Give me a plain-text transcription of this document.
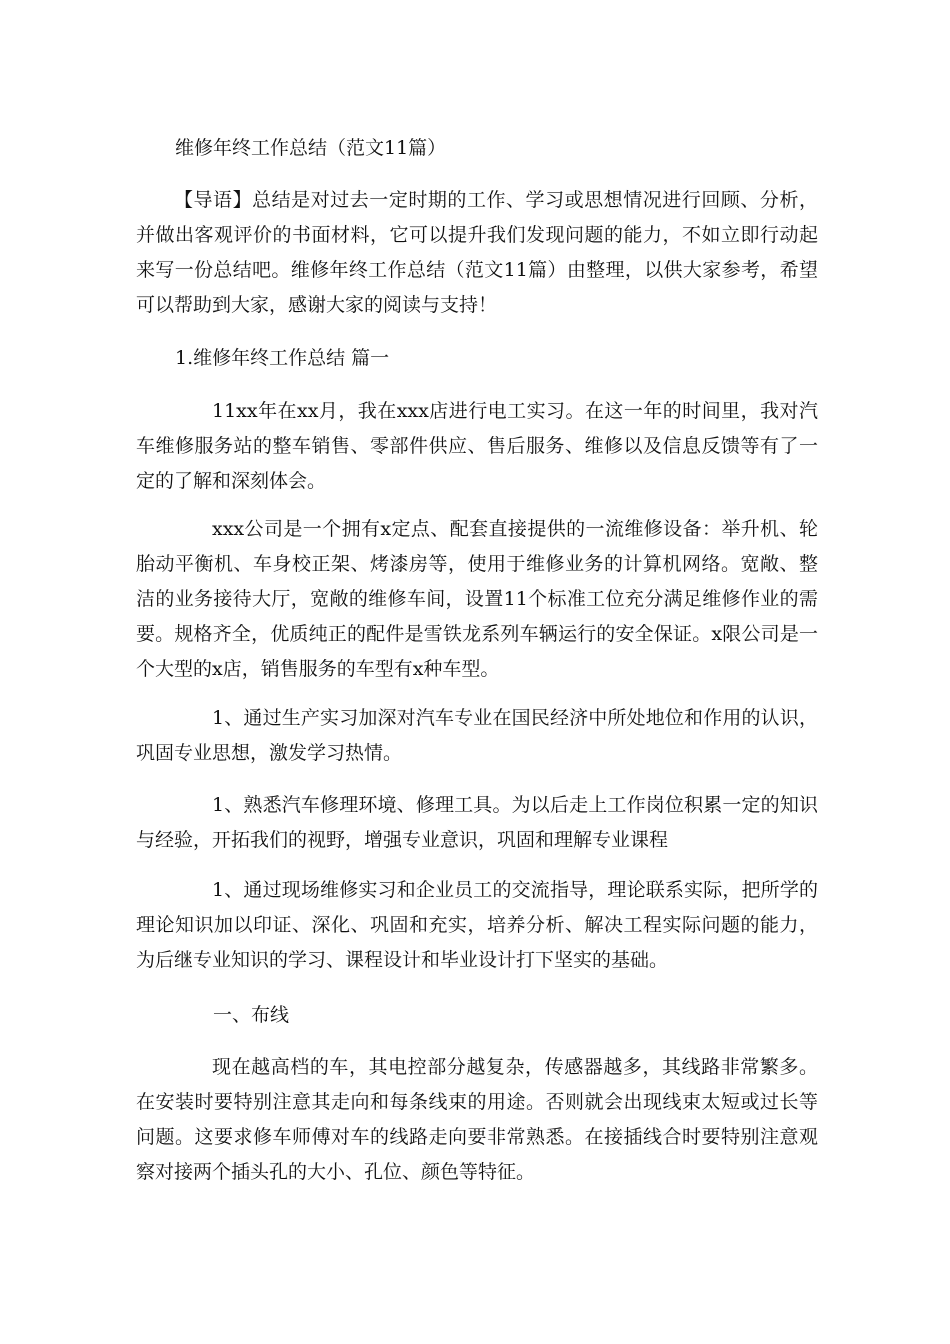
维修年终工作总结（范文11篇）

【导语】总结是对过去一定时期的工作、学习或思想情况进行回顾、分析，并做出客观评价的书面材料，它可以提升我们发现问题的能力，不如立即行动起来写一份总结吧。维修年终工作总结（范文11篇）由整理，以供大家参考，希望可以帮助到大家，感谢大家的阅读与支持！

1.维修年终工作总结 篇一

11xx年在xx月，我在xxx店进行电工实习。在这一年的时间里，我对汽车维修服务站的整车销售、零部件供应、售后服务、维修以及信息反馈等有了一定的了解和深刻体会。

xxx公司是一个拥有x定点、配套直接提供的一流维修设备：举升机、轮胎动平衡机、车身校正架、烤漆房等，使用于维修业务的计算机网络。宽敞、整洁的业务接待大厅，宽敞的维修车间，设置11个标准工位充分满足维修作业的需要。规格齐全，优质纯正的配件是雪铁龙系列车辆运行的安全保证。x限公司是一个大型的x店，销售服务的车型有x种车型。

1、通过生产实习加深对汽车专业在国民经济中所处地位和作用的认识，巩固专业思想，激发学习热情。

1、熟悉汽车修理环境、修理工具。为以后走上工作岗位积累一定的知识与经验，开拓我们的视野，增强专业意识，巩固和理解专业课程

1、通过现场维修实习和企业员工的交流指导，理论联系实际，把所学的理论知识加以印证、深化、巩固和充实，培养分析、解决工程实际问题的能力，为后继专业知识的学习、课程设计和毕业设计打下坚实的基础。

一、布线

现在越高档的车，其电控部分越复杂，传感器越多，其线路非常繁多。在安装时要特别注意其走向和每条线束的用途。否则就会出现线束太短或过长等问题。这要求修车师傅对车的线路走向要非常熟悉。在接插线合时要特别注意观察对接两个插头孔的大小、孔位、颜色等特征。
